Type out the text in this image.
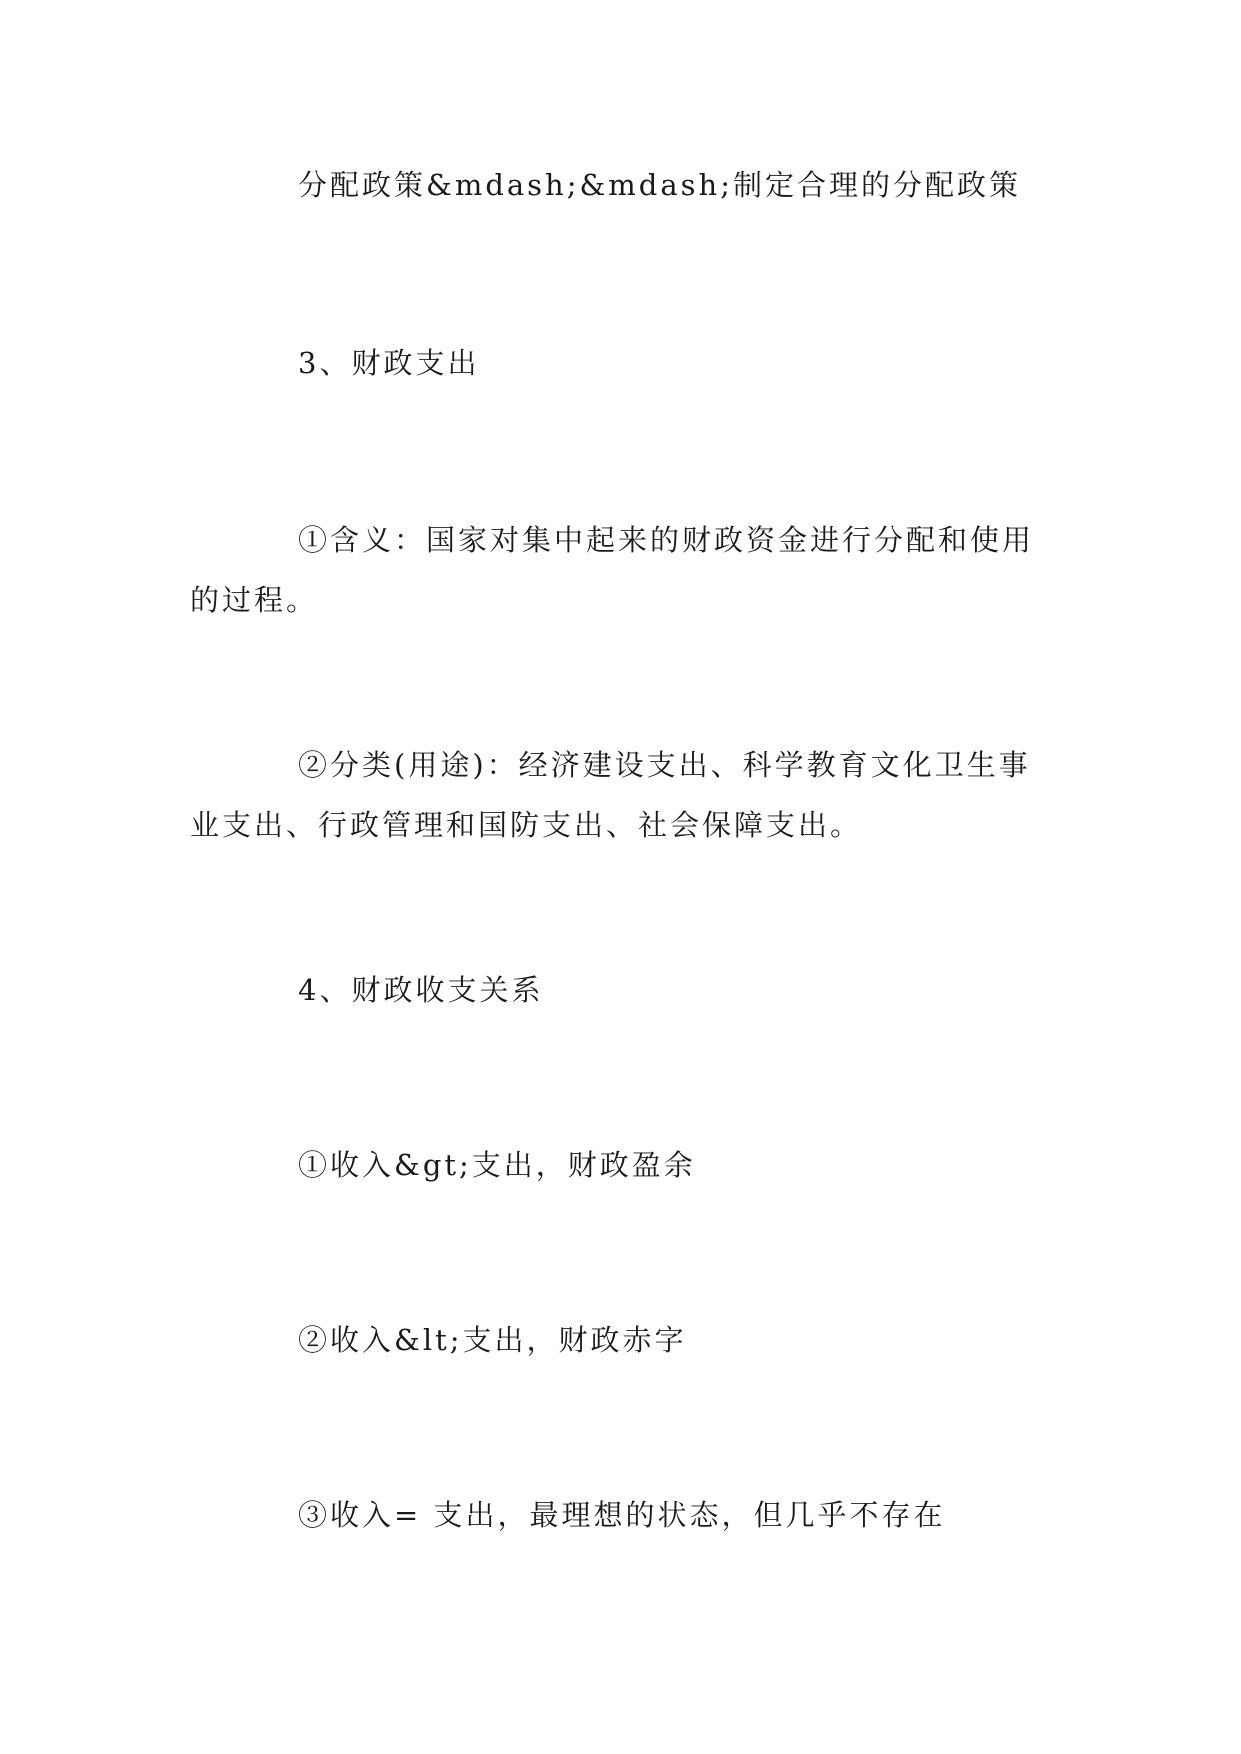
分配政策&mdash;&mdash;制定合理的分配政策

3、财政支出

①含义：国家对集中起来的财政资金进行分配和使用的过程。

②分类(用途)：经济建设支出、科学教育文化卫生事业支出、行政管理和国防支出、社会保障支出。

4、财政收支关系

①收入&gt;支出，财政盈余

②收入&lt;支出，财政赤字

③收入= 支出，最理想的状态，但几乎不存在
